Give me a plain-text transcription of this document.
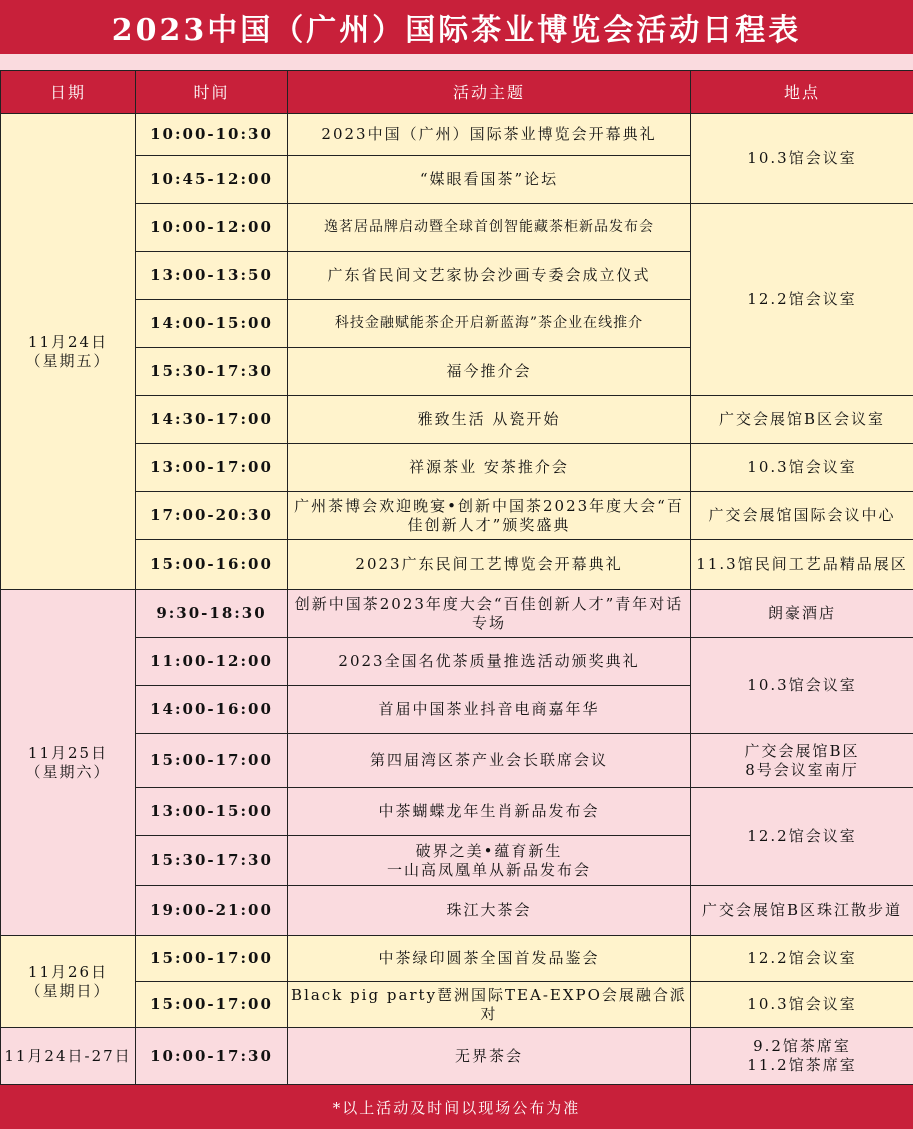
2023中国（广州）国际茶业博览会活动日程表
日期	时间	活动主题	地点

11月24日
（星期五）	10:00-10:30	2023中国（广州）国际茶业博览会开幕典礼	10.3馆会议室
	10:45-12:00	“媒眼看国茶”论坛	
	10:00-12:00	逸茗居品牌启动暨全球首创智能藏茶柜新品发布会	12.2馆会议室
	13:00-13:50	广东省民间文艺家协会沙画专委会成立仪式	
	14:00-15:00	科技金融赋能茶企开启新蓝海”茶企业在线推介	
	15:30-17:30	福今推介会	
	14:30-17:00	雅致生活 从瓷开始	广交会展馆B区会议室
	13:00-17:00	祥源茶业 安茶推介会	10.3馆会议室
	17:00-20:30	广州茶博会欢迎晚宴•创新中国茶2023年度大会“百佳创新人才”颁奖盛典	广交会展馆国际会议中心
	15:00-16:00	2023广东民间工艺博览会开幕典礼	11.3馆民间工艺品精品展区

11月25日
（星期六）	9:30-18:30	创新中国茶2023年度大会“百佳创新人才”青年对话专场	朗豪酒店
	11:00-12:00	2023全国名优茶质量推选活动颁奖典礼	10.3馆会议室
	14:00-16:00	首届中国茶业抖音电商嘉年华	
	15:00-17:00	第四届湾区茶产业会长联席会议	广交会展馆B区
8号会议室南厅

	13:00-15:00	中茶蝴蝶龙年生肖新品发布会	12.2馆会议室
	15:30-17:30	破界之美•蕴育新生
一山高凤凰单从新品发布会	

	19:00-21:00	珠江大茶会	广交会展馆B区珠江散步道

11月26日
（星期日）	15:00-17:00	中茶绿印圆茶全国首发品鉴会	12.2馆会议室
	15:00-17:00	Black pig party琶洲国际TEA-EXPO会展融合派对	10.3馆会议室
11月24日-27日	10:00-17:30	无界茶会	9.2馆茶席室
11.2馆茶席室
*以上活动及时间以现场公布为准
